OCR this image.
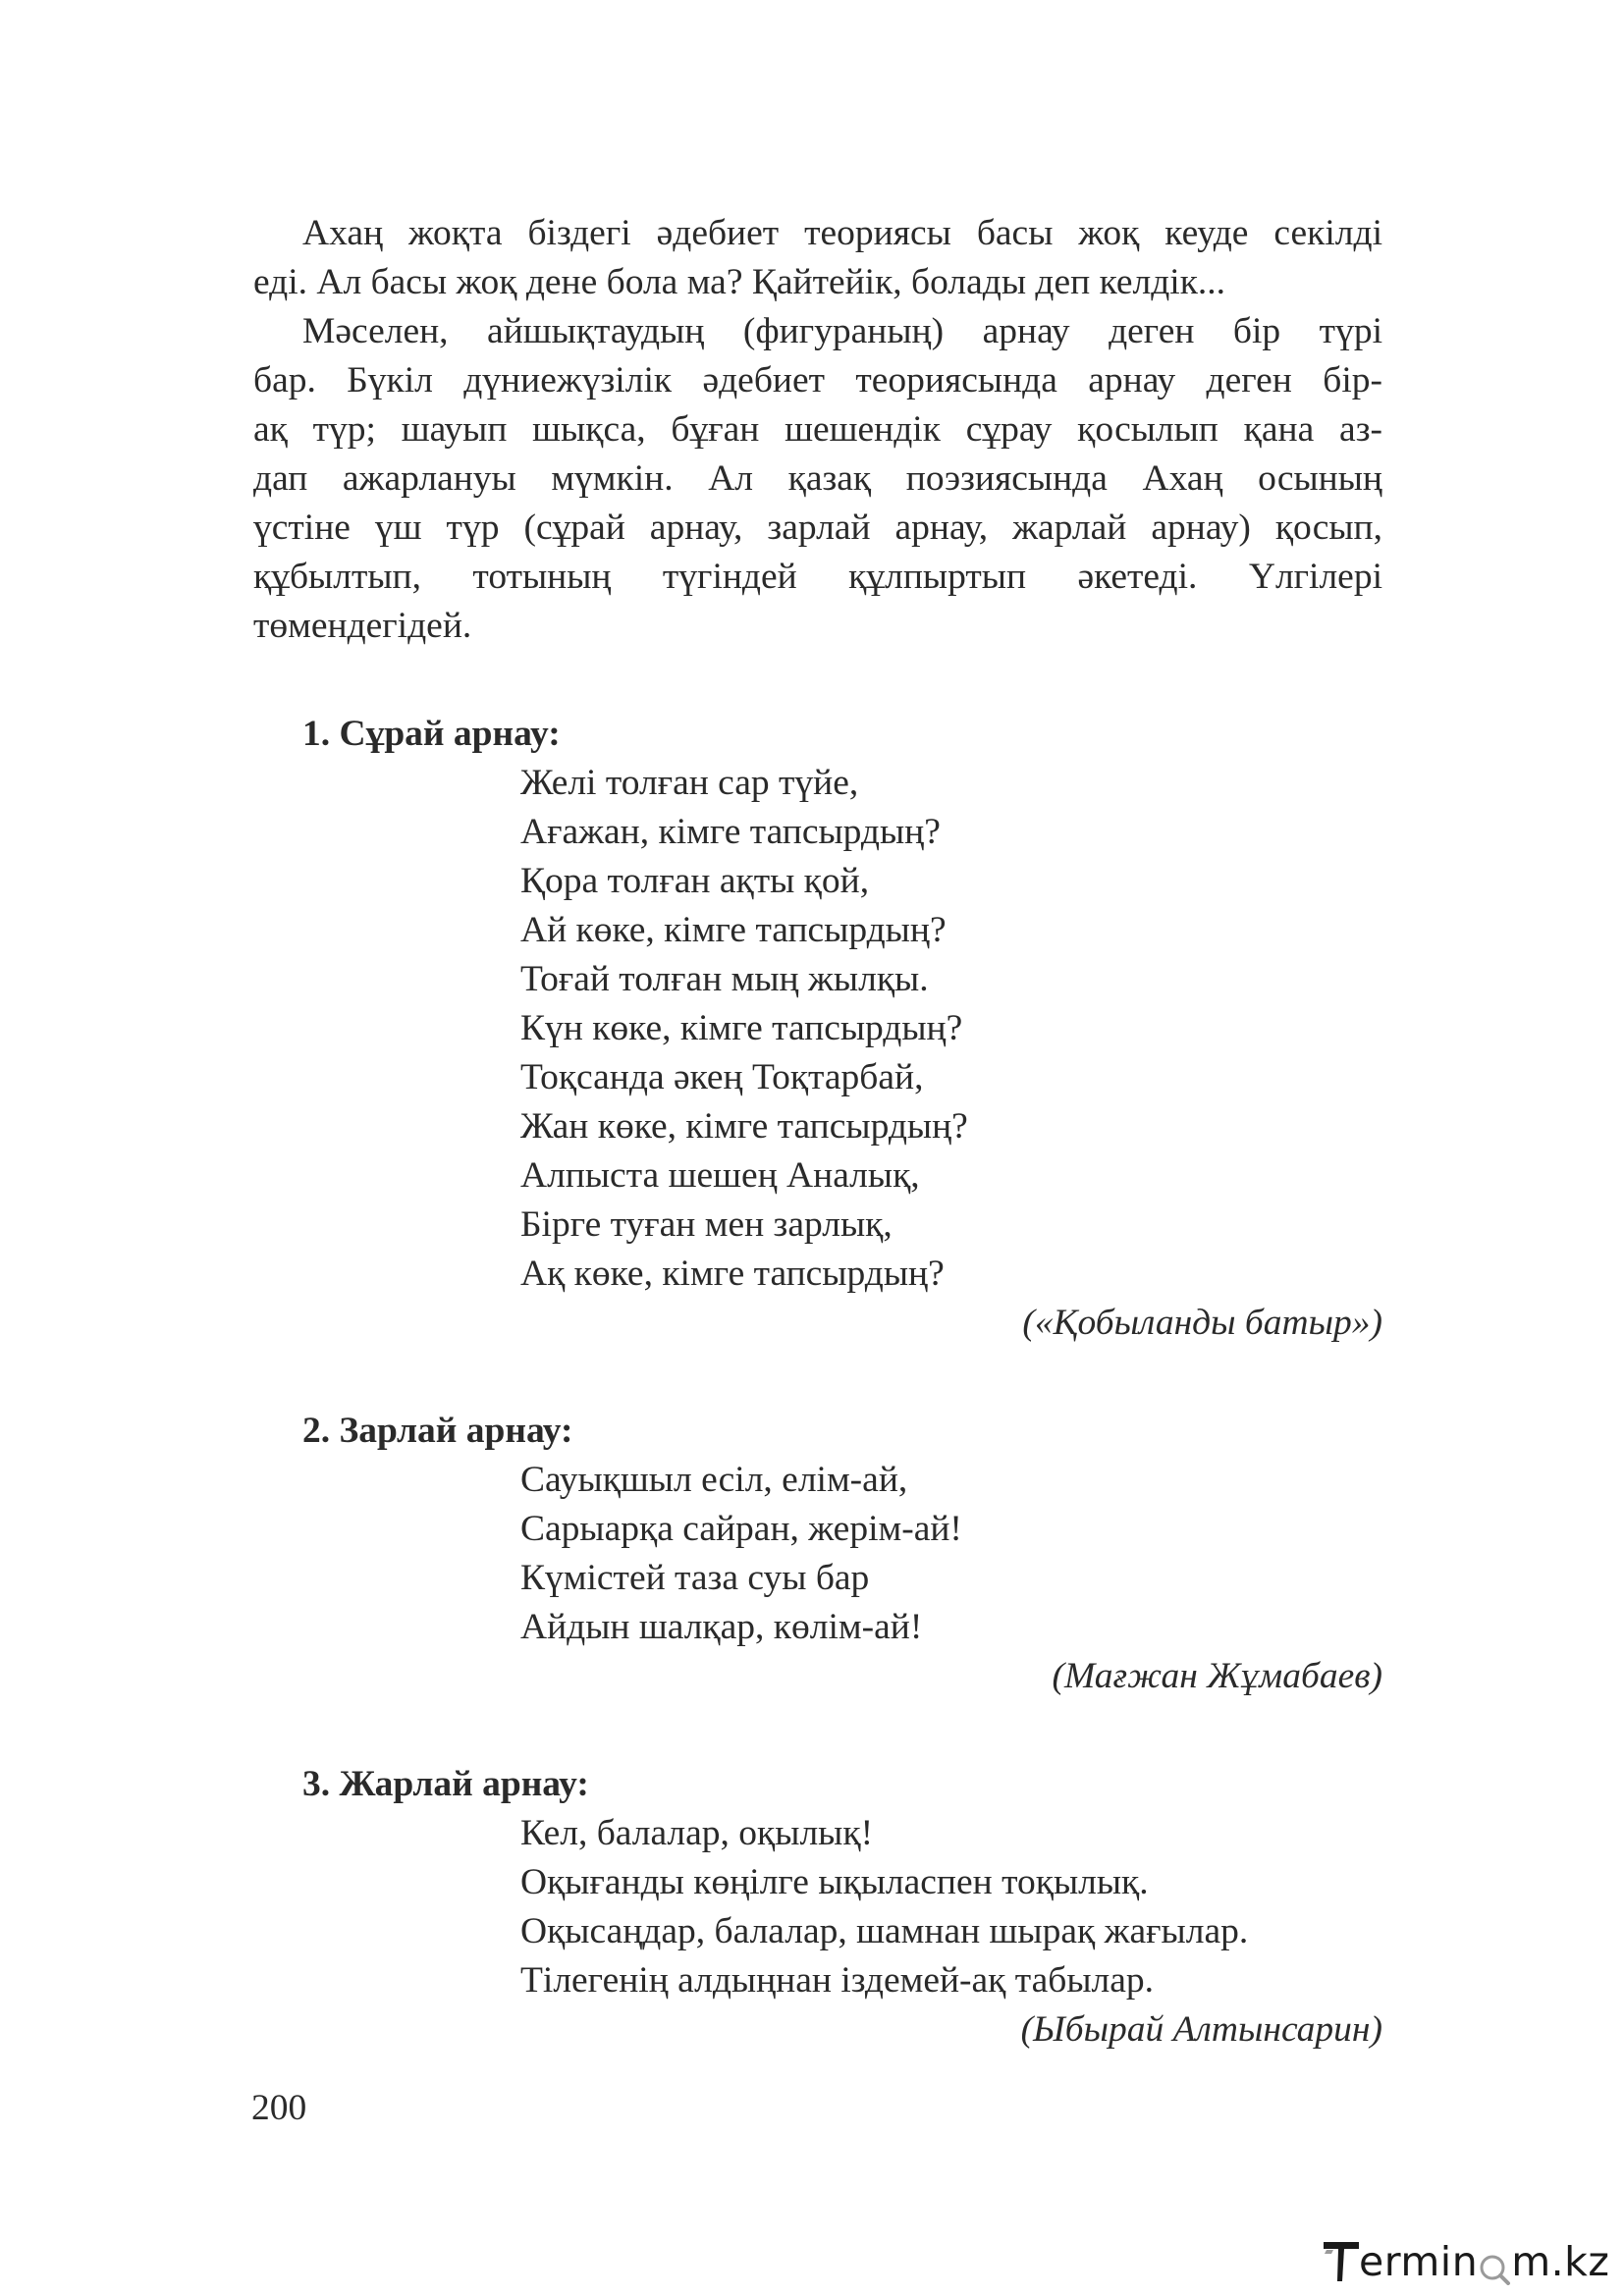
Ахаң жоқта біздегі әдебиет теориясы басы жоқ кеуде секілді
еді. Ал басы жоқ дене бола ма? Қайтейік, болады деп келдік...
Мәселен, айшықтаудың (фигураның) арнау деген бір түрі
бар. Бүкіл дүниежүзілік әдебиет теориясында арнау деген бір-
ақ түр; шауып шықса, бұған шешендік сұрау қосылып қана аз-
дап ажарлануы мүмкін. Ал қазақ поэзиясында Ахаң осының
үстіне үш түр (сұрай арнау, зарлай арнау, жарлай арнау) қосып,
құбылтып, тотының түгіндей құлпыртып әкетеді. Үлгілері
төмендегідей.
1. Сұрай арнау:
Желі толған сар түйе,
Ағажан, кімге тапсырдың?
Қора толған ақты қой,
Ай көке, кімге тапсырдың?
Тоғай толған мың жылқы.
Күн көке, кімге тапсырдың?
Тоқсанда әкең Тоқтарбай,
Жан көке, кімге тапсырдың?
Алпыста шешең Аналық,
Бірге туған мен зарлық,
Ақ көке, кімге тапсырдың?

(«Қобыланды батыр»)

2. Зарлай арнау:
Сауықшыл есіл, елім-ай,
Сарыарқа сайран, жерім-ай!
Күмістей таза суы бар
Айдын шалқар, көлім-ай!

(Мағжан Жұмабаев)

3. Жарлай арнау:
Кел, балалар, оқылық!
Оқығанды көңілге ықыласпен тоқылық.
Оқысаңдар, балалар, шамнан шырақ жағылар.
Тілегенің алдыңнан іздемей-ақ табылар.

(Ыбырай Алтынсарин)

200
ermin m.kz
